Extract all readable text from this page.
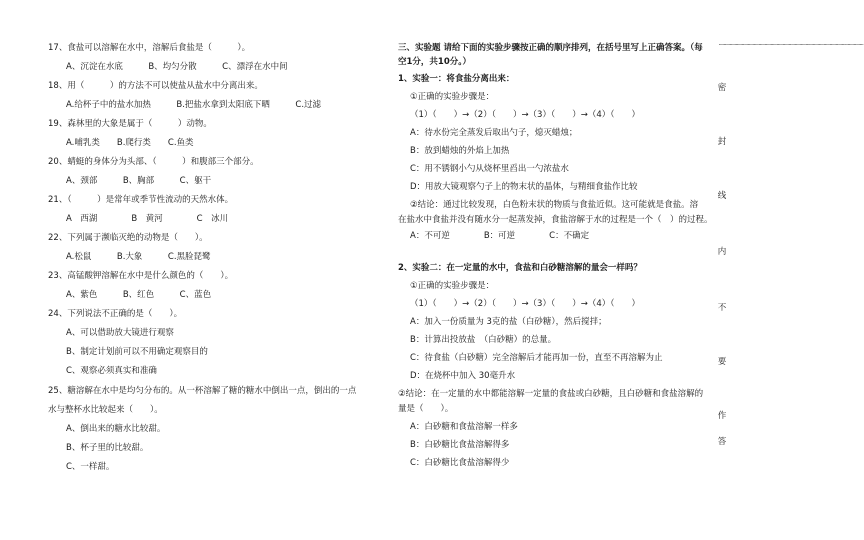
17、食盐可以溶解在水中，溶解后食盐是（　　　）。
A、沉淀在水底　　　B、均匀分散　　　C、漂浮在水中间
18、用（　　　）的方法不可以使盐从盐水中分离出来。
A.给杯子中的盐水加热　　　B.把盐水拿到太阳底下晒　　　C.过滤
19、森林里的大象是属于（　　　）动物。
A.哺乳类　　B.爬行类　　C.鱼类
20、蜻蜓的身体分为头部、（　　　）和腹部三个部分。
A、颈部　　　B、胸部　　　C、躯干
21、（　　　）是常年或季节性流动的天然水体。
A　西湖　　　　B　黄河　　　　C　冰川
22、下列属于濒临灭绝的动物是（　　）。
A.松鼠　　　B.大象　　　C.黑脸琵鹭
23、高锰酸钾溶解在水中是什么颜色的（　　）。
A、紫色　　　B、红色　　　C、蓝色
24、下列说法不正确的是（　　）。
A、可以借助放大镜进行观察
B、制定计划前可以不用确定观察目的
C、观察必须真实和准确
25、糖溶解在水中是均匀分布的。从一杯溶解了糖的糖水中倒出一点，倒出的一点
水与整杯水比较起来（　　）。
A、倒出来的糖水比较甜。
B、杯子里的比较甜。
C、一样甜。
三、实验题 请给下面的实验步骤按正确的顺序排列，在括号里写上正确答案。（每
空1分，共10分。）
1、实验一：将食盐分离出来：
①正确的实验步骤是：
（1）（　　）→（2）（　　）→（3）（　　）→（4）（　　）
A：待水份完全蒸发后取出勺子，熄灭蜡烛；
B：放到蜡烛的外焰上加热
C：用不锈钢小勺从烧杯里舀出一勺浓盐水
D：用放大镜观察勺子上的物末状的晶体，与精细食盐作比较
②结论：通过比较发现，白色粉末状的物质与食盐近似。这可能就是食盐。溶
在盐水中食盐并没有随水分一起蒸发掉，食盐溶解于水的过程是一个（　）的过程。
A：不可逆　　　　B：可逆　　　　C：不确定
2、实验二：在一定量的水中，食盐和白砂糖溶解的量会一样吗？
①正确的实验步骤是：
（1）（　　）→（2）（　　）→（3）（　　）→（4）（　　）
A：加入一份质量为 3克的盐（白砂糖），然后搅拌；
B：计算出投放盐　（白砂糖）的总量。
C：待食盐（白砂糖）完全溶解后才能再加一份，直至不再溶解为止
D：在烧杯中加入 30毫升水
②结论：在一定量的水中都能溶解一定量的食盐或白砂糖，且白砂糖和食盐溶解的
量是（　　）。
A：白砂糖和食盐溶解一样多
B：白砂糖比食盐溶解得多
C：白砂糖比食盐溶解得少
…………………………………………………………………………………………………………
密
封
线
内
不
要
作
答
